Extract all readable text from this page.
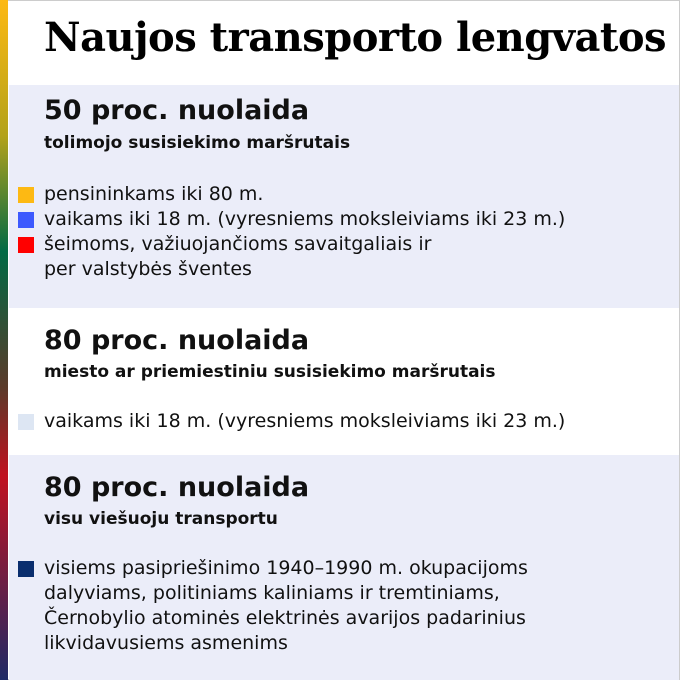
50 proc. nuolaida
tolimojo susisiekimo maršrutais
pensininkams iki 80 m.
vaikams iki 18 m. (vyresniems moksleiviams iki 23 m.)
šeimoms, važiuojančioms savaitgaliais ir
per valstybės šventes
80 proc. nuolaida
miesto ar priemiestiniu susisiekimo maršrutais
vaikams iki 18 m. (vyresniems moksleiviams iki 23 m.)
80 proc. nuolaida
visu viešuoju transportu
visiems pasipriešinimo 1940–1990 m. okupacijoms
dalyviams, politiniams kaliniams ir tremtiniams,
Černobylio atominės elektrinės avarijos padarinius
likvidavusiems asmenims
Naujos transporto lengvatos
